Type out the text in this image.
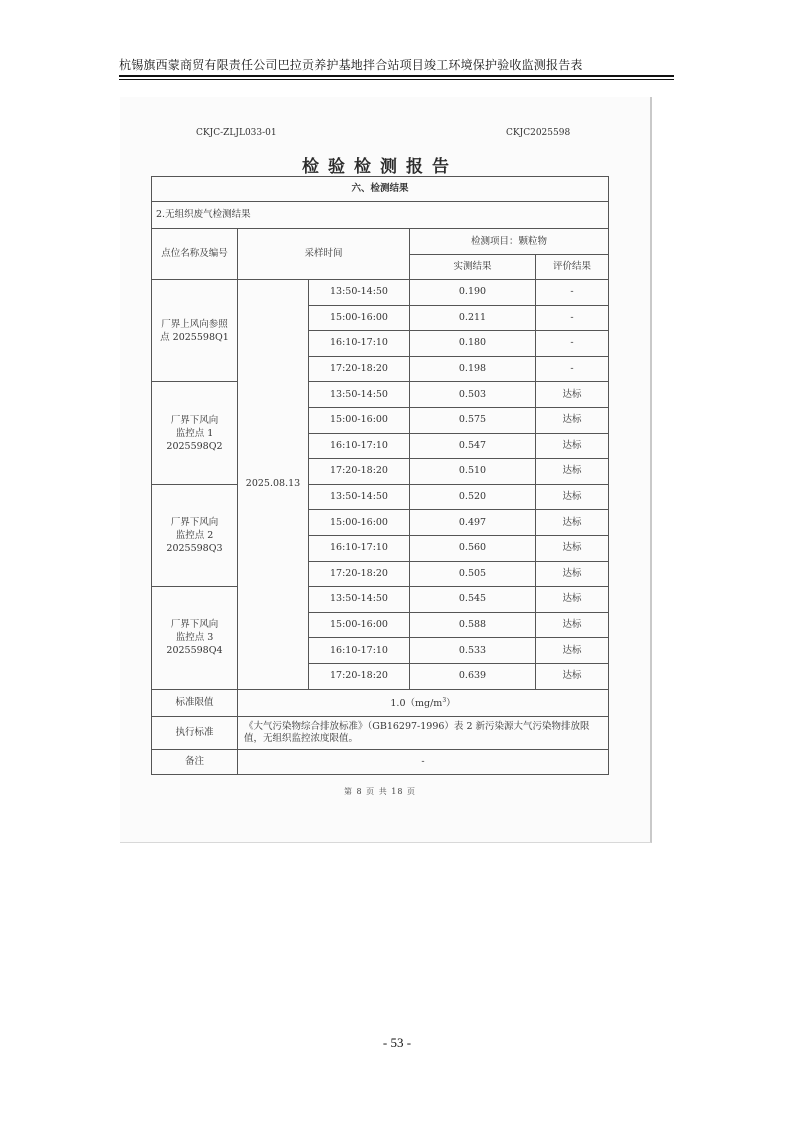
杭锡旗西蒙商贸有限责任公司巴拉贡养护基地拌合站项目竣工环境保护验收监测报告表
CKJC-ZLJL033-01	CKJC2025598
检验检测报告
六、检测结果				
2.无组织废气检测结果				
点位名称及编号	采样时间		检测项目：颗粒物	
			实测结果	评价结果
厂界上风向参照
点 2025598Q1	2025.08.13	13:50-14:50	0.190	-
		15:00-16:00	0.211	-
		16:10-17:10	0.180	-
		17:20-18:20	0.198	-
厂界下风向
监控点 1
2025598Q2		13:50-14:50	0.503	达标
		15:00-16:00	0.575	达标
		16:10-17:10	0.547	达标
		17:20-18:20	0.510	达标
厂界下风向
监控点 2
2025598Q3		13:50-14:50	0.520	达标
		15:00-16:00	0.497	达标
		16:10-17:10	0.560	达标
		17:20-18:20	0.505	达标
厂界下风向
监控点 3
2025598Q4		13:50-14:50	0.545	达标
		15:00-16:00	0.588	达标
		16:10-17:10	0.533	达标
		17:20-18:20	0.639	达标
标准限值	$1.0(mg/m^3)$			
执行标准	《大气污染物综合排放标准》（GB16297-1996）表 2 新污染源大气污染物排放限值，无组织监控浓度限值。			
备注	-			
第 8 页 共 18 页
- 53 -
